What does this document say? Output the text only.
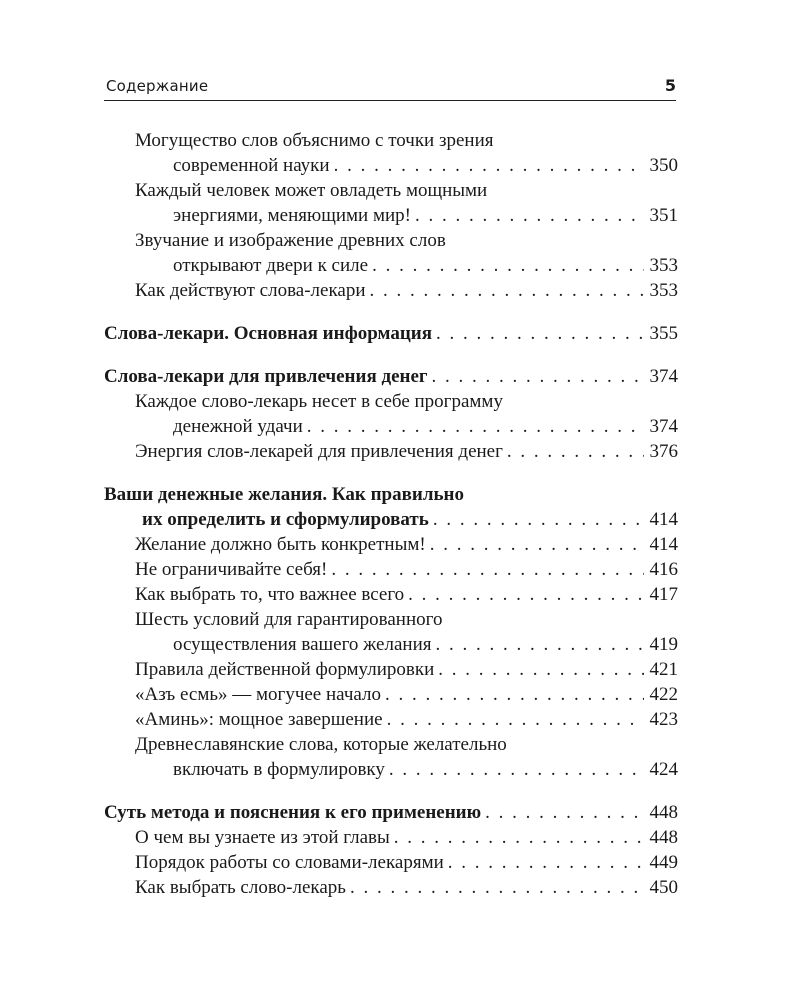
Содержание	5
Могущество слов объяснимо с точки зрения
современной науки . . .	350
Каждый человек может овладеть мощными
энергиями, меняющими мир! . . .	351
Звучание и изображение древних слов
открывают двери к силе . . .	353
Как действуют слова-лекари . . .	353
Слова-лекари. Основная информация . . .	355
Слова-лекари для привлечения денег . . .	374
Каждое слово-лекарь несет в себе программу
денежной удачи . . .	374
Энергия слов-лекарей для привлечения денег . . .	376
Ваши денежные желания. Как правильно
их определить и сформулировать . . .	414
Желание должно быть конкретным! . . .	414
Не ограничивайте себя! . . .	416
Как выбрать то, что важнее всего . . .	417
Шесть условий для гарантированного
осуществления вашего желания . . .	419
Правила действенной формулировки . . .	421
«Азъ есмь» — могучее начало . . .	422
«Аминь»: мощное завершение . . .	423
Древнеславянские слова, которые желательно
включать в формулировку . . .	424
Суть метода и пояснения к его применению . . .	448
О чем вы узнаете из этой главы . . .	448
Порядок работы со словами-лекарями . . .	449
Как выбрать слово-лекарь . . .	450
